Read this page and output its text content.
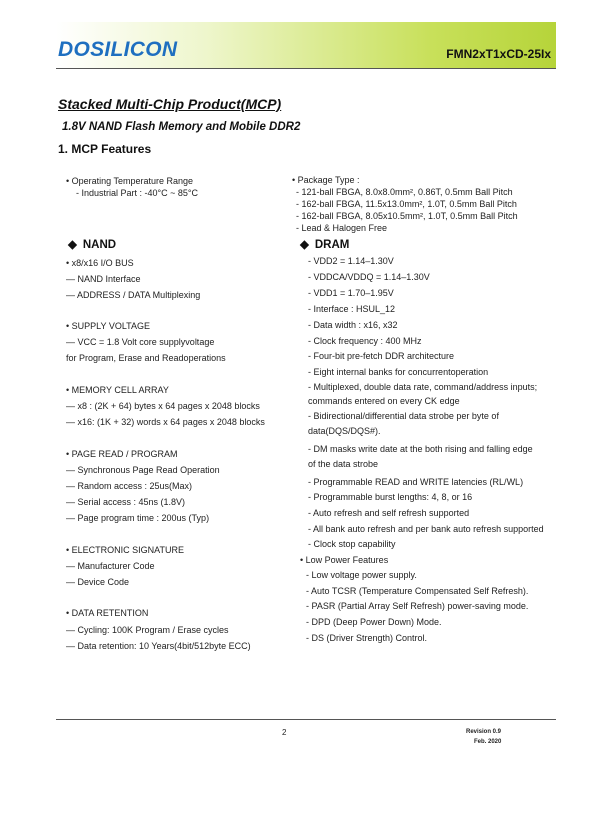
DOSILICON	FMN2xT1xCD-25Ix
Stacked Multi-Chip Product(MCP)
1.8V NAND Flash Memory and Mobile DDR2
1. MCP Features
• Operating Temperature Range
- Industrial Part : -40°C ~ 85°C
• Package Type :
- 121-ball FBGA, 8.0x8.0mm², 0.86T, 0.5mm Ball Pitch
- 162-ball FBGA, 11.5x13.0mm², 1.0T, 0.5mm Ball Pitch
- 162-ball FBGA, 8.05x10.5mm², 1.0T, 0.5mm Ball Pitch
- Lead & Halogen Free
◆ NAND
• x8/x16 I/O BUS
— NAND Interface
— ADDRESS / DATA Multiplexing
• SUPPLY VOLTAGE
— VCC = 1.8 Volt core supplyvoltage
for Program, Erase and Readoperations
• MEMORY CELL ARRAY
— x8 : (2K + 64) bytes x 64 pages x 2048 blocks
— x16: (1K + 32) words x 64 pages x 2048 blocks
• PAGE READ / PROGRAM
— Synchronous Page Read Operation
— Random access : 25us(Max)
— Serial access : 45ns (1.8V)
— Page program time : 200us (Typ)
• ELECTRONIC SIGNATURE
— Manufacturer Code
— Device Code
• DATA RETENTION
— Cycling: 100K Program / Erase cycles
— Data retention: 10 Years(4bit/512byte ECC)
◆ DRAM
- VDD2 = 1.14–1.30V
- VDDCA/VDDQ = 1.14–1.30V
- VDD1 = 1.70–1.95V
- Interface : HSUL_12
- Data width : x16, x32
- Clock frequency : 400 MHz
- Four-bit pre-fetch DDR architecture
- Eight internal banks for concurrentoperation
- Multiplexed, double data rate, command/address inputs;
commands entered on every CK edge
- Bidirectional/differential data strobe per byte of
data(DQS/DQS#).
- DM masks write date at the both rising and falling edge
of the data strobe
- Programmable READ and WRITE latencies (RL/WL)
- Programmable burst lengths: 4, 8, or 16
- Auto refresh and self refresh supported
- All bank auto refresh and per bank auto refresh supported
- Clock stop capability
• Low Power Features
- Low voltage power supply.
- Auto TCSR (Temperature Compensated Self Refresh).
- PASR (Partial Array Self Refresh) power-saving mode.
- DPD (Deep Power Down) Mode.
- DS (Driver Strength) Control.
2	Revision 0.9
Feb. 2020
